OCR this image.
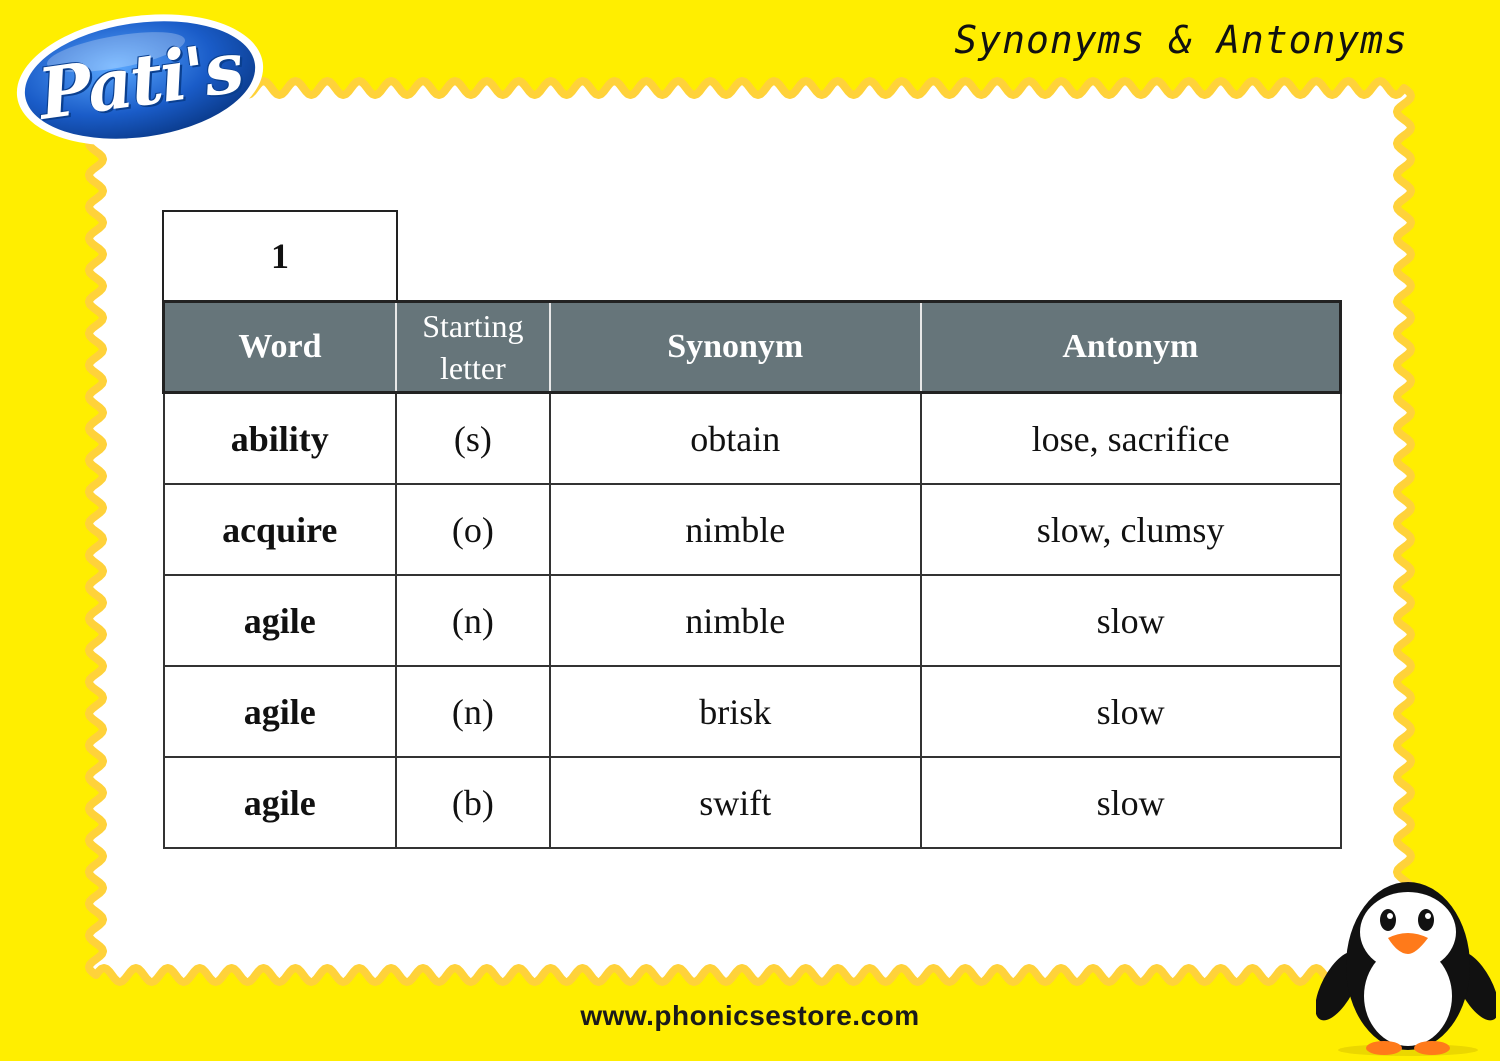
Pati's	Synonyms & Antonyms
1
Word	Starting letter	Synonym	Antonym
ability	(s)	obtain	lose, sacrifice
acquire	(o)	nimble	slow, clumsy
agile	(n)	nimble	slow
agile	(n)	brisk	slow
agile	(b)	swift	slow
www.phonicsestore.com
